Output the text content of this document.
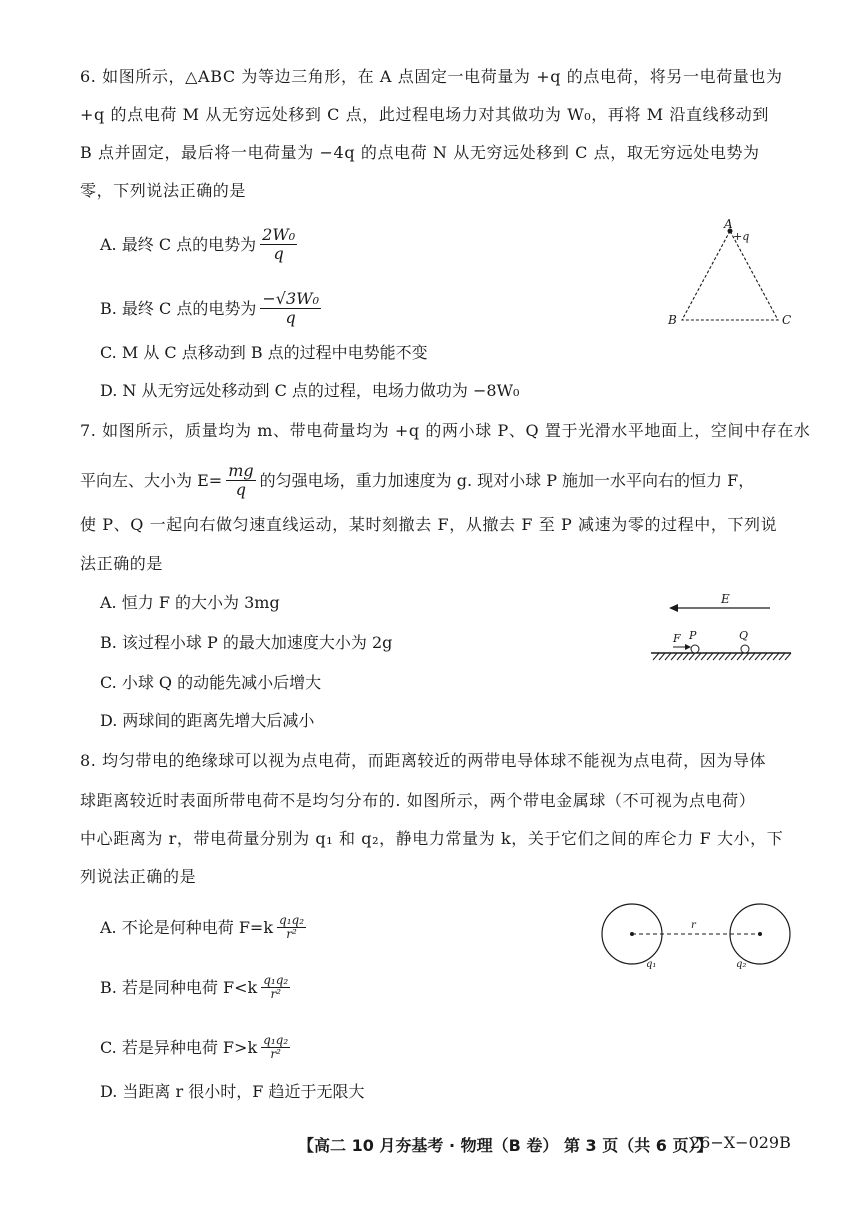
6. 如图所示，△ABC 为等边三角形，在 A 点固定一电荷量为 +q 的点电荷，将另一电荷量也为
+q 的点电荷 M 从无穷远处移到 C 点，此过程电场力对其做功为 W₀，再将 M 沿直线移动到
B 点并固定，最后将一电荷量为 −4q 的点电荷 N 从无穷远处移到 C 点，取无穷远处电势为
零，下列说法正确的是
A. 最终 C 点的电势为 $\frac{\text{2W₀}}{q}$
B. 最终 C 点的电势为 $\frac{\text{−√3W₀}}{q}$
C. M 从 C 点移动到 B 点的过程中电势能不变
D. N 从无穷远处移动到 C 点的过程，电场力做功为 −8W₀
A
+q
B	C
7. 如图所示，质量均为 m、带电荷量均为 +q 的两小球 P、Q 置于光滑水平地面上，空间中存在水
平向左、大小为 $E= \frac{mg}{q}$ 的匀强电场，重力加速度为 g. 现对小球 P 施加一水平向右的恒力 F，
使 P、Q 一起向右做匀速直线运动，某时刻撤去 F，从撤去 F 至 P 减速为零的过程中，下列说
法正确的是
A. 恒力 F 的大小为 3mg
B. 该过程小球 P 的最大加速度大小为 2g
C. 小球 Q 的动能先减小后增大
D. 两球间的距离先增大后减小
E
F P	Q
8. 均匀带电的绝缘球可以视为点电荷，而距离较近的两带电导体球不能视为点电荷，因为导体
球距离较近时表面所带电荷不是均匀分布的. 如图所示，两个带电金属球（不可视为点电荷）
中心距离为 r，带电荷量分别为 q₁ 和 q₂，静电力常量为 k，关于它们之间的库仑力 F 大小，下
列说法正确的是
A. 不论是何种电荷 $F=k \frac{\text{q₁q₂}}{\text{r²}}$
B. 若是同种电荷 $F<k \frac{\text{q₁q₂}}{\text{r²}}$
C. 若是异种电荷 $F>k \frac{\text{q₁q₂}}{\text{r²}}$
D. 当距离 r 很小时，F 趋近于无限大
r
q₁	q₂
【高二 10 月夯基考 · 物理（B 卷） 第 3 页（共 6 页）】
26−X−029B
